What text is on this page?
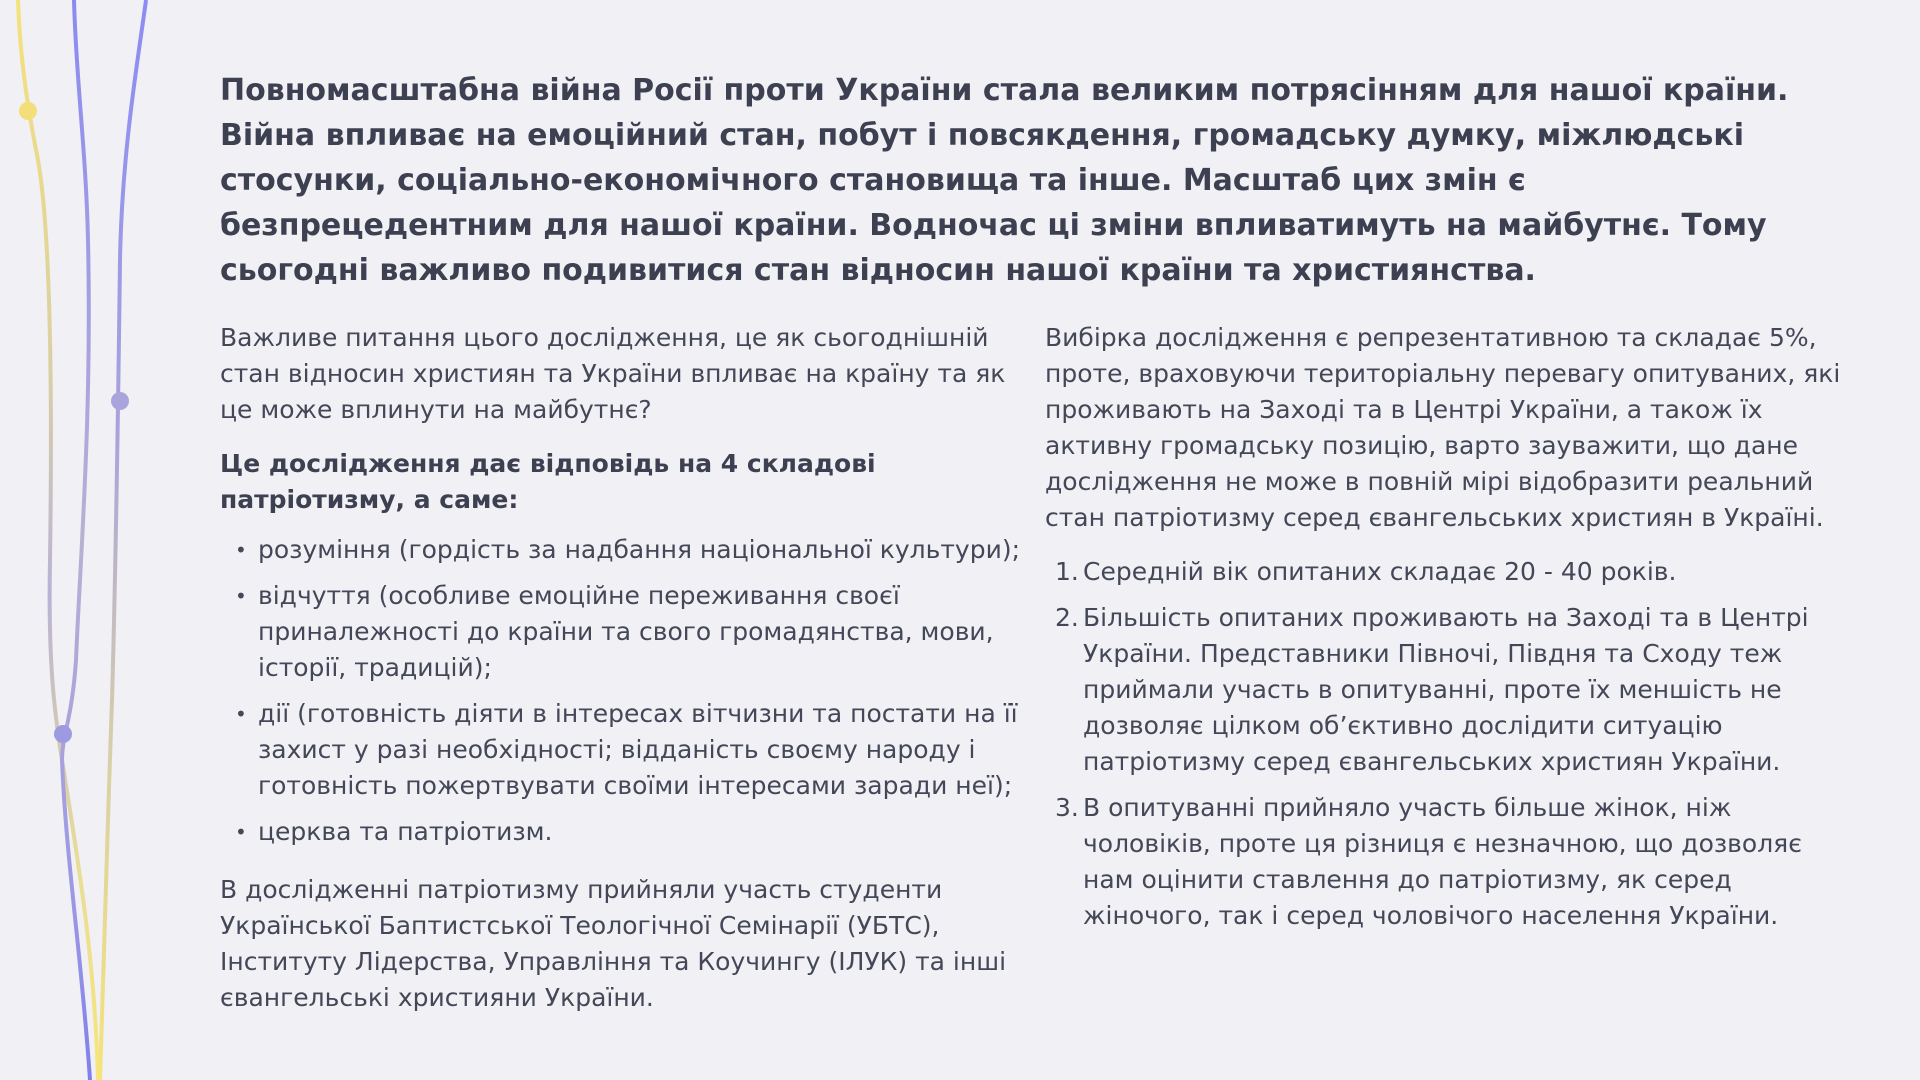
Повномасштабна війна Росії проти України стала великим потрясінням для нашої країни. Війна впливає на емоційний стан, побут і повсякдення, громадську думку, міжлюдські стосунки, соціально-економічного становища та інше. Масштаб цих змін є безпрецедентним для нашої країни. Водночас ці зміни впливатимуть на майбутнє. Тому сьогодні важливо подивитися стан відносин нашої країни та християнства.

Важливе питання цього дослідження, це як сьогоднішній стан відносин християн та України впливає на країну та як це може вплинути на майбутнє?

Це дослідження дає відповідь на 4 складові патріотизму, а саме:

• розуміння (гордість за надбання національної культури);
• відчуття (особливе емоційне переживання своєї приналежності до країни та свого громадянства, мови, історії, традицій);
• дії (готовність діяти в інтересах вітчизни та постати на її захист у разі необхідності; відданість своєму народу і готовність пожертвувати своїми інтересами заради неї);
• церква та патріотизм.

В дослідженні патріотизму прийняли участь студенти Української Баптистської Теологічної Семінарії (УБТС), Інституту Лідерства, Управління та Коучингу (ІЛУК) та інші євангельські християни України.

Вибірка дослідження є репрезентативною та складає 5%, проте, враховуючи територіальну перевагу опитуваних, які проживають на Заході та в Центрі України, а також їх активну громадську позицію, варто зауважити, що дане дослідження не може в повній мірі відобразити реальний стан патріотизму серед євангельських християн в Україні.

1. Середній вік опитаних складає 20 - 40 років.
2. Більшість опитаних проживають на Заході та в Центрі України. Представники Півночі, Півдня та Сходу теж приймали участь в опитуванні, проте їх меншість не дозволяє цілком об’єктивно дослідити ситуацію патріотизму серед євангельських християн України.
3. В опитуванні прийняло участь більше жінок, ніж чоловіків, проте ця різниця є незначною, що дозволяє нам оцінити ставлення до патріотизму, як серед жіночого, так і серед чоловічого населення України.
